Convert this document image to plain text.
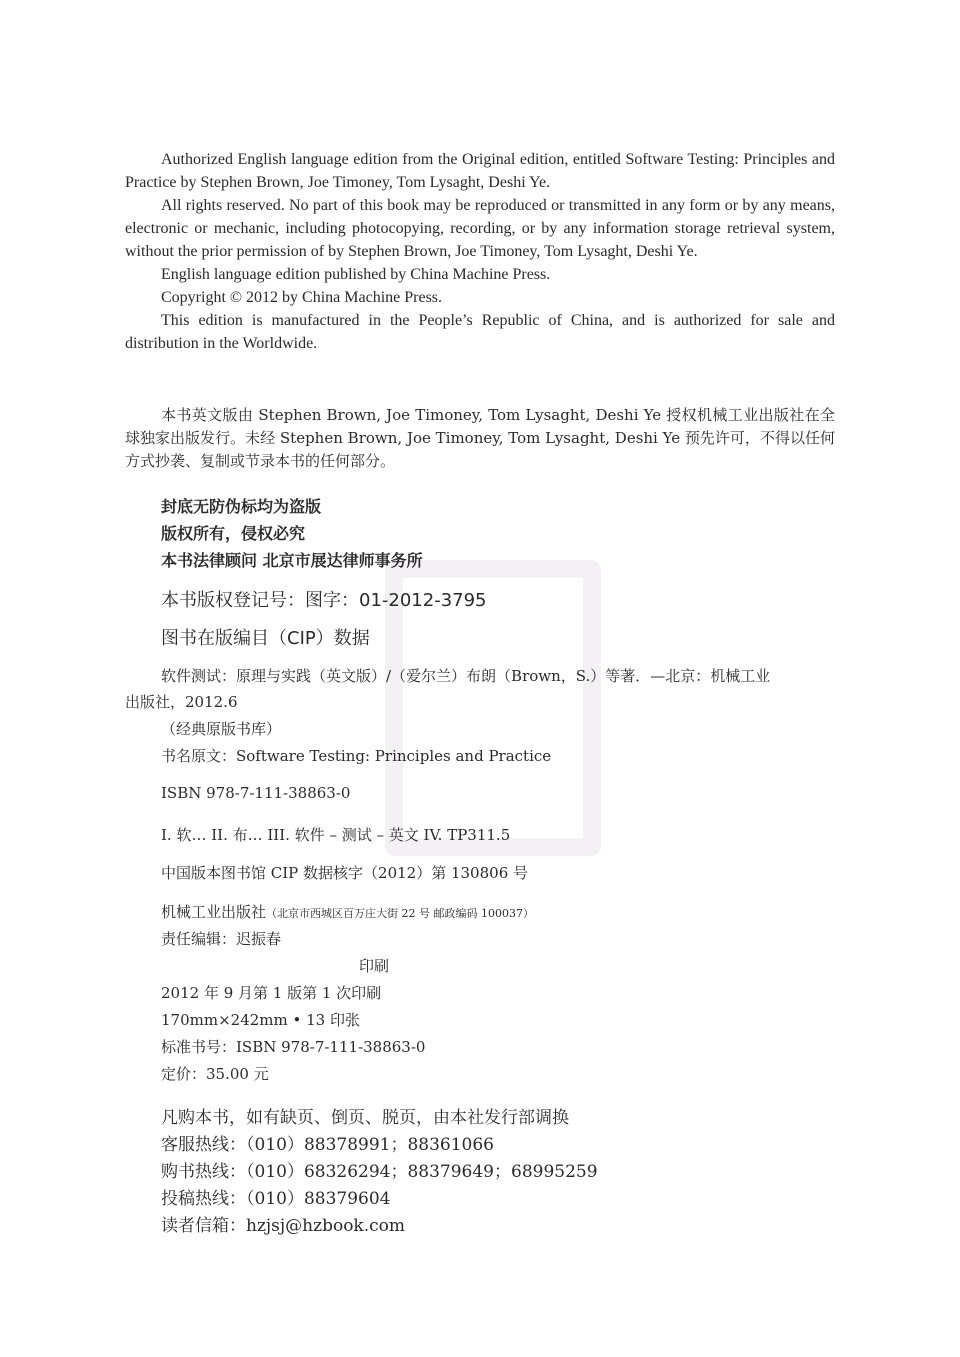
Authorized English language edition from the Original edition, entitled Software Testing: Principles and Practice by Stephen Brown, Joe Timoney, Tom Lysaght, Deshi Ye.

All rights reserved. No part of this book may be reproduced or transmitted in any form or by any means, electronic or mechanic, including photocopying, recording, or by any information storage retrieval system, without the prior permission of by Stephen Brown, Joe Timoney, Tom Lysaght, Deshi Ye.

English language edition published by China Machine Press.

Copyright © 2012 by China Machine Press.

This edition is manufactured in the People’s Republic of China, and is authorized for sale and distribution in the Worldwide.

本书英文版由 Stephen Brown, Joe Timoney, Tom Lysaght, Deshi Ye 授权机械工业出版社在全球独家出版发行。未经 Stephen Brown, Joe Timoney, Tom Lysaght, Deshi Ye 预先许可，不得以任何方式抄袭、复制或节录本书的任何部分。

封底无防伪标均为盗版
版权所有，侵权必究
本书法律顾问 北京市展达律师事务所
本书版权登记号：图字：01-2012-3795
图书在版编目（CIP）数据
软件测试：原理与实践（英文版）/（爱尔兰）布朗（Brown，S.）等著．—北京：机械工业
出版社，2012.6
（经典原版书库）
书名原文：Software Testing: Principles and Practice
ISBN 978-7-111-38863-0
I. 软… II. 布… III. 软件 – 测试 – 英文 IV. TP311.5
中国版本图书馆 CIP 数据核字（2012）第 130806 号
机械工业出版社（北京市西城区百万庄大街 22 号 邮政编码 100037）
责任编辑：迟振春
印刷
2012 年 9 月第 1 版第 1 次印刷
170mm×242mm • 13 印张
标准书号：ISBN 978-7-111-38863-0
定价：35.00 元
凡购本书，如有缺页、倒页、脱页，由本社发行部调换
客服热线：（010）88378991；88361066
购书热线：（010）68326294；88379649；68995259
投稿热线：（010）88379604
读者信箱：hzjsj@hzbook.com
